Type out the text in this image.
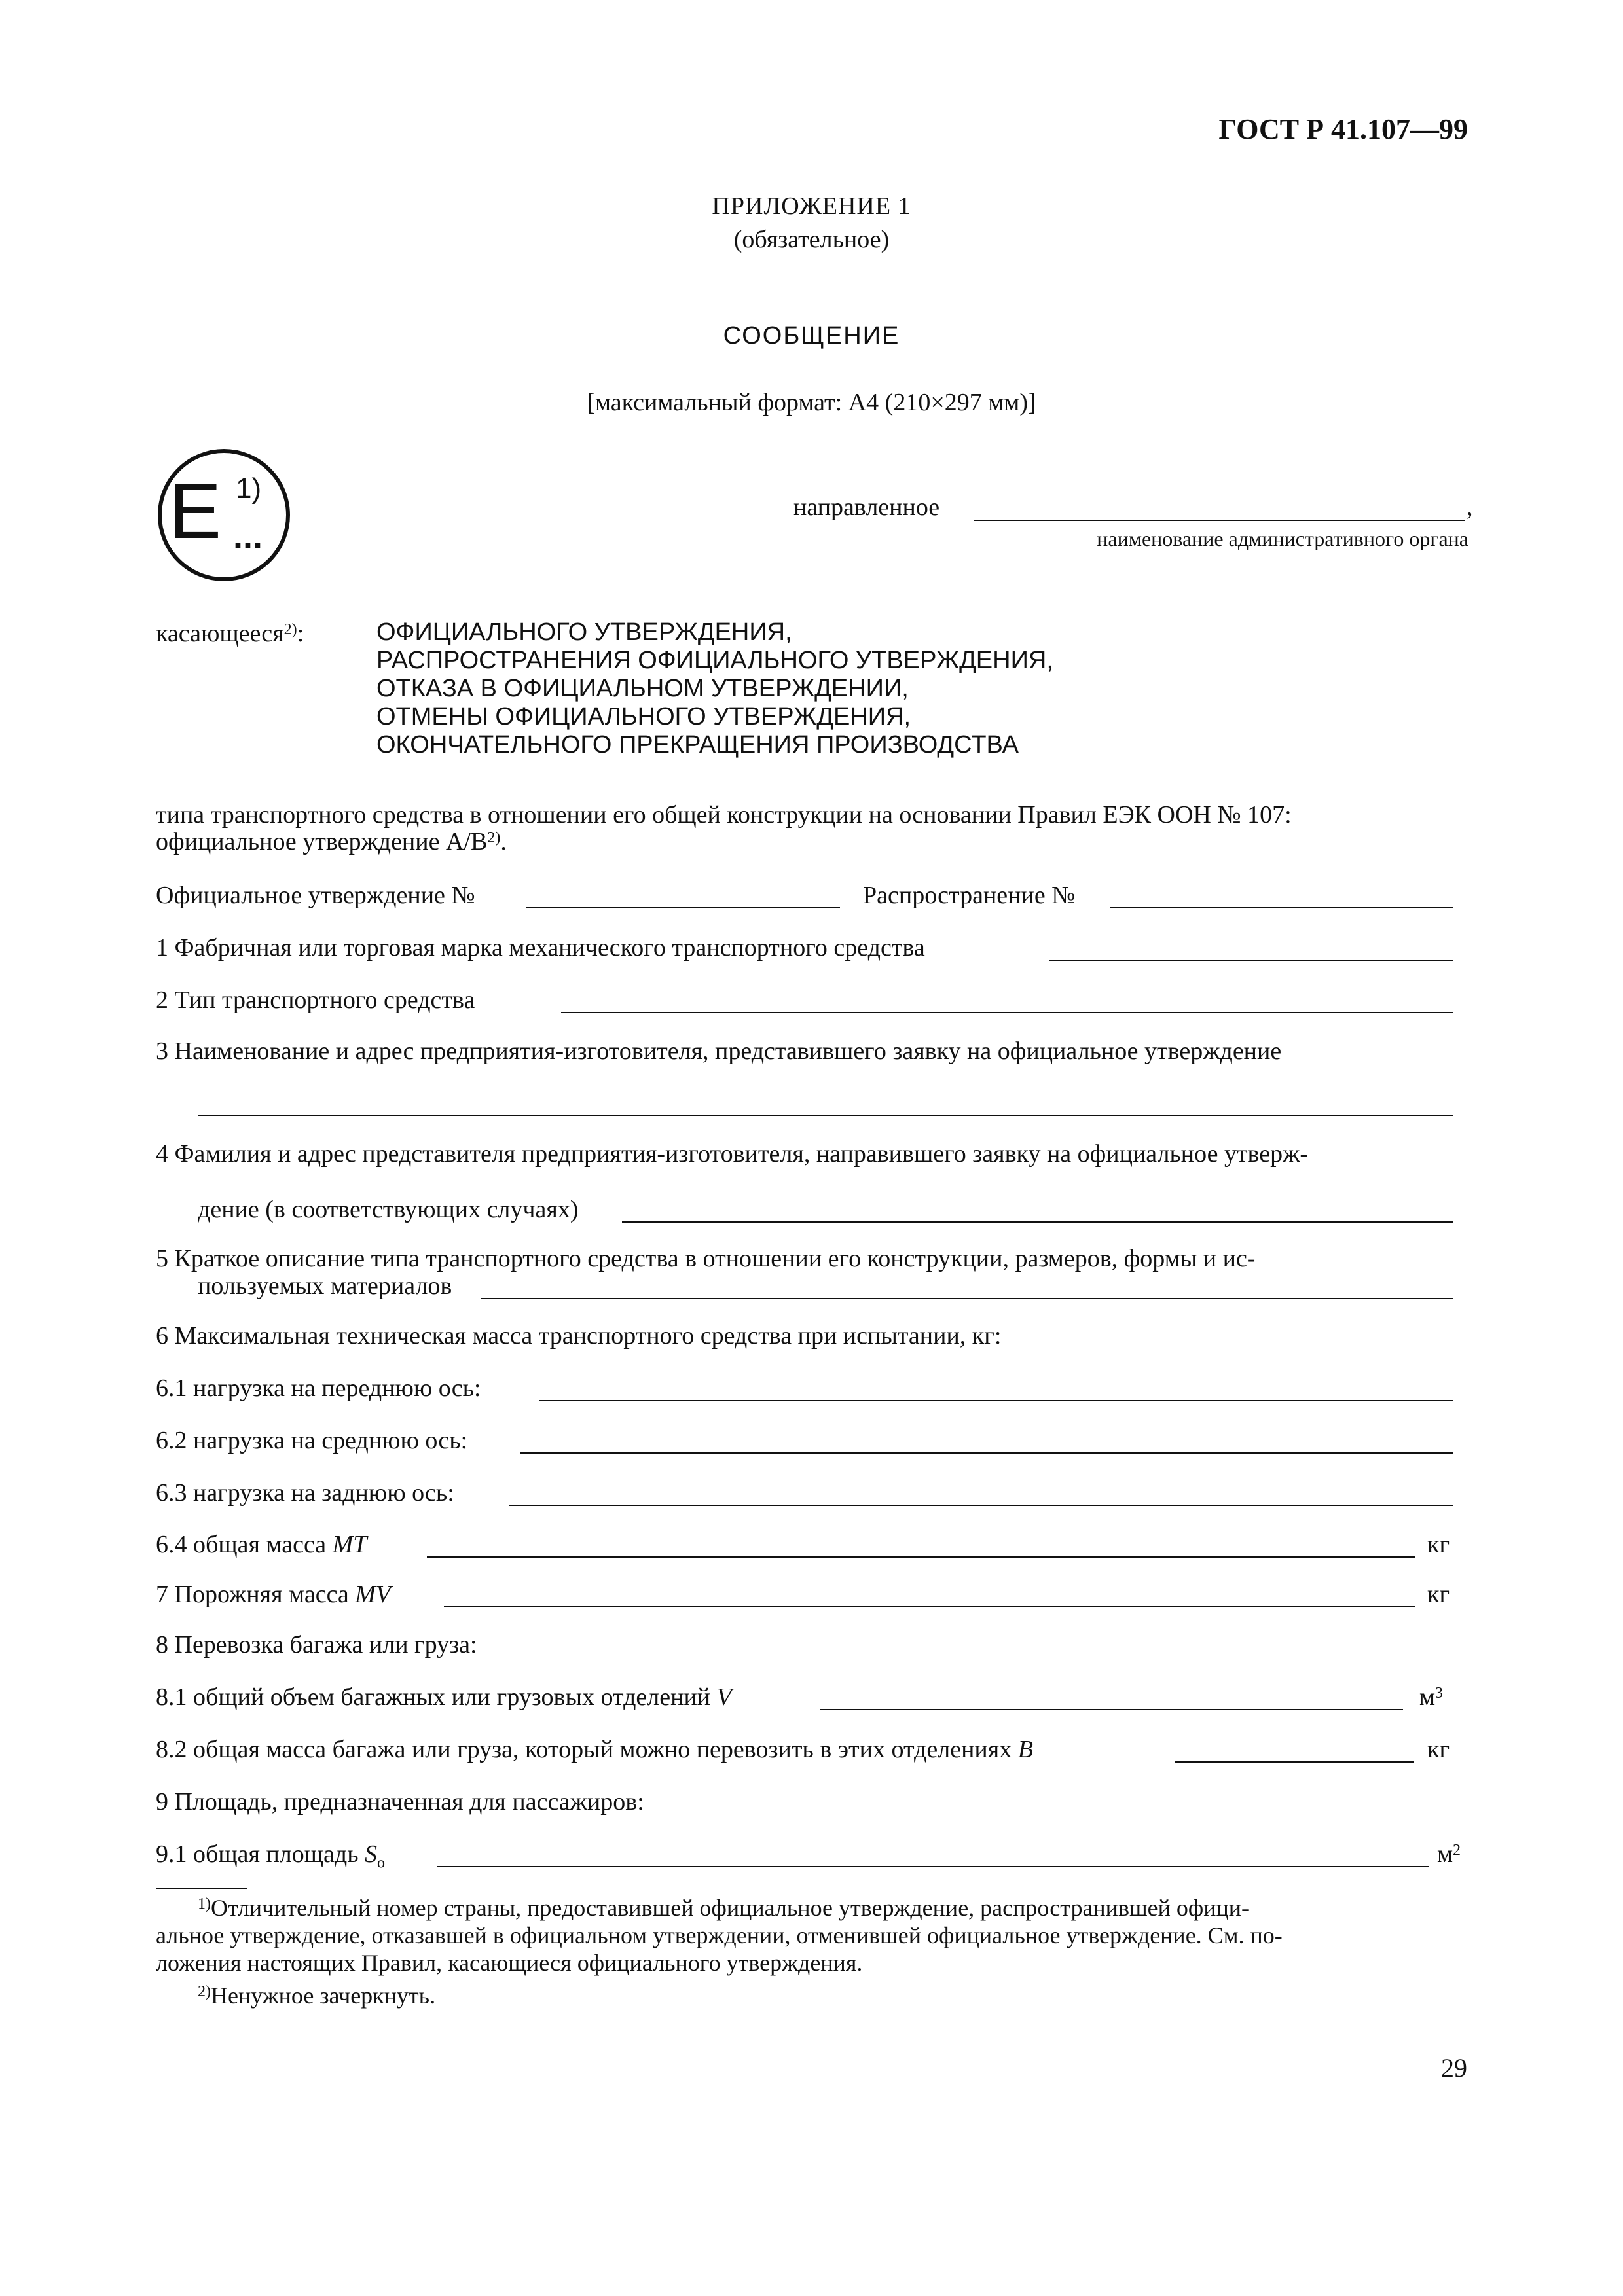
ГОСТ Р 41.107—99
ПРИЛОЖЕНИЕ 1
(обязательное)
СООБЩЕНИЕ
[максимальный формат: А4 (210×297 мм)]
E 1)
...
направленное	,
наименование административного органа
касающееся$^{2)}$:	ОФИЦИАЛЬНОГО УТВЕРЖДЕНИЯ,
РАСПРОСТРАНЕНИЯ ОФИЦИАЛЬНОГО УТВЕРЖДЕНИЯ,
ОТКАЗА В ОФИЦИАЛЬНОМ УТВЕРЖДЕНИИ,
ОТМЕНЫ ОФИЦИАЛЬНОГО УТВЕРЖДЕНИЯ,
ОКОНЧАТЕЛЬНОГО ПРЕКРАЩЕНИЯ ПРОИЗВОДСТВА
типа транспортного средства в отношении его общей конструкции на основании Правил ЕЭК ООН № 107:
официальное утверждение $А/В^{2)}$.
Официальное утверждение №	Распространение №
1 Фабричная или торговая марка механического транспортного средства
2 Тип транспортного средства
3 Наименование и адрес предприятия-изготовителя, представившего заявку на официальное утверждение
4 Фамилия и адрес представителя предприятия-изготовителя, направившего заявку на официальное утверж-
дение (в соответствующих случаях)
5 Краткое описание типа транспортного средства в отношении его конструкции, размеров, формы и ис-
пользуемых материалов
6 Максимальная техническая масса транспортного средства при испытании, кг:
6.1 нагрузка на переднюю ось:
6.2 нагрузка на среднюю ось:
6.3 нагрузка на заднюю ось:
6.4 общая масса МТ	кг
7 Порожняя масса MV	кг
8 Перевозка багажа или груза:
8.1 общий объем багажных или грузовых отделений V	$м^3$
8.2 общая масса багажа или груза, который можно перевозить в этих отделениях B	кг
9 Площадь, предназначенная для пассажиров:
9.1 общая площадь $S_o$	$м^2$
$^{1)}$Отличительный номер страны, предоставившей официальное утверждение, распространившей офици-
альное утверждение, отказавшей в официальном утверждении, отменившей официальное утверждение. См. по-
ложения настоящих Правил, касающиеся официального утверждения.
$^{2)}$Ненужное зачеркнуть.
29
